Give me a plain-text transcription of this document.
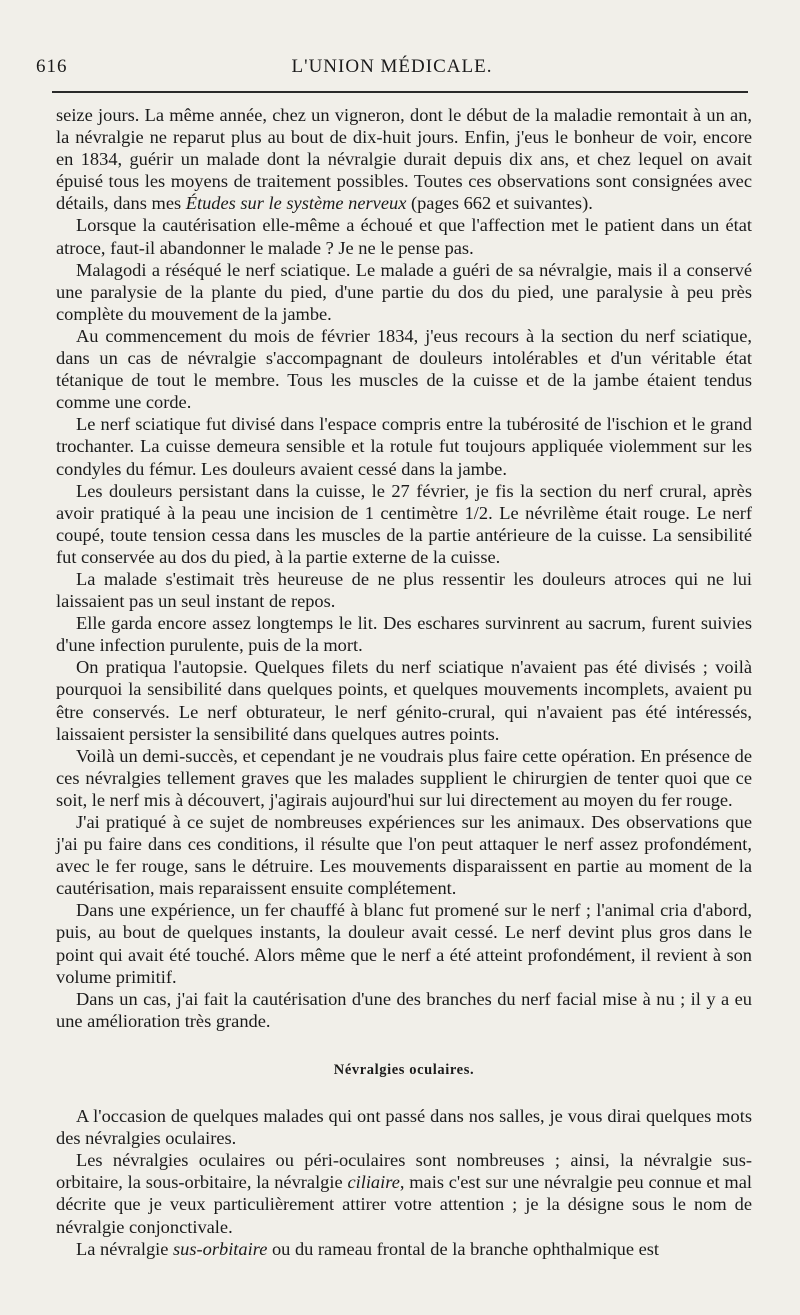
616	L'UNION MÉDICALE.

seize jours. La même année, chez un vigneron, dont le début de la maladie remontait à un an, la névralgie ne reparut plus au bout de dix-huit jours. Enfin, j'eus le bonheur de voir, encore en 1834, guérir un malade dont la névralgie durait depuis dix ans, et chez lequel on avait épuisé tous les moyens de traitement possibles. Toutes ces observations sont consignées avec détails, dans mes Études sur le système nerveux (pages 662 et suivantes).

Lorsque la cautérisation elle-même a échoué et que l'affection met le patient dans un état atroce, faut-il abandonner le malade ? Je ne le pense pas.

Malagodi a réséqué le nerf sciatique. Le malade a guéri de sa névralgie, mais il a conservé une paralysie de la plante du pied, d'une partie du dos du pied, une paralysie à peu près complète du mouvement de la jambe.

Au commencement du mois de février 1834, j'eus recours à la section du nerf sciatique, dans un cas de névralgie s'accompagnant de douleurs intolérables et d'un véritable état tétanique de tout le membre. Tous les muscles de la cuisse et de la jambe étaient tendus comme une corde.

Le nerf sciatique fut divisé dans l'espace compris entre la tubérosité de l'ischion et le grand trochanter. La cuisse demeura sensible et la rotule fut toujours appliquée violemment sur les condyles du fémur. Les douleurs avaient cessé dans la jambe.

Les douleurs persistant dans la cuisse, le 27 février, je fis la section du nerf crural, après avoir pratiqué à la peau une incision de 1 centimètre 1/2. Le névrilème était rouge. Le nerf coupé, toute tension cessa dans les muscles de la partie antérieure de la cuisse. La sensibilité fut conservée au dos du pied, à la partie externe de la cuisse.

La malade s'estimait très heureuse de ne plus ressentir les douleurs atroces qui ne lui laissaient pas un seul instant de repos.

Elle garda encore assez longtemps le lit. Des eschares survinrent au sacrum, furent suivies d'une infection purulente, puis de la mort.

On pratiqua l'autopsie. Quelques filets du nerf sciatique n'avaient pas été divisés ; voilà pourquoi la sensibilité dans quelques points, et quelques mouvements incomplets, avaient pu être conservés. Le nerf obturateur, le nerf génito-crural, qui n'avaient pas été intéressés, laissaient persister la sensibilité dans quelques autres points.

Voilà un demi-succès, et cependant je ne voudrais plus faire cette opération. En présence de ces névralgies tellement graves que les malades supplient le chirurgien de tenter quoi que ce soit, le nerf mis à découvert, j'agirais aujourd'hui sur lui directement au moyen du fer rouge.

J'ai pratiqué à ce sujet de nombreuses expériences sur les animaux. Des observations que j'ai pu faire dans ces conditions, il résulte que l'on peut attaquer le nerf assez profondément, avec le fer rouge, sans le détruire. Les mouvements disparaissent en partie au moment de la cautérisation, mais reparaissent ensuite complétement.

Dans une expérience, un fer chauffé à blanc fut promené sur le nerf ; l'animal cria d'abord, puis, au bout de quelques instants, la douleur avait cessé. Le nerf devint plus gros dans le point qui avait été touché. Alors même que le nerf a été atteint profondément, il revient à son volume primitif.

Dans un cas, j'ai fait la cautérisation d'une des branches du nerf facial mise à nu ; il y a eu une amélioration très grande.

Névralgies oculaires.

A l'occasion de quelques malades qui ont passé dans nos salles, je vous dirai quelques mots des névralgies oculaires.

Les névralgies oculaires ou péri-oculaires sont nombreuses ; ainsi, la névralgie sus-orbitaire, la sous-orbitaire, la névralgie ciliaire, mais c'est sur une névralgie peu connue et mal décrite que je veux particulièrement attirer votre attention ; je la désigne sous le nom de névralgie conjonctivale.

La névralgie sus-orbitaire ou du rameau frontal de la branche ophthalmique est
